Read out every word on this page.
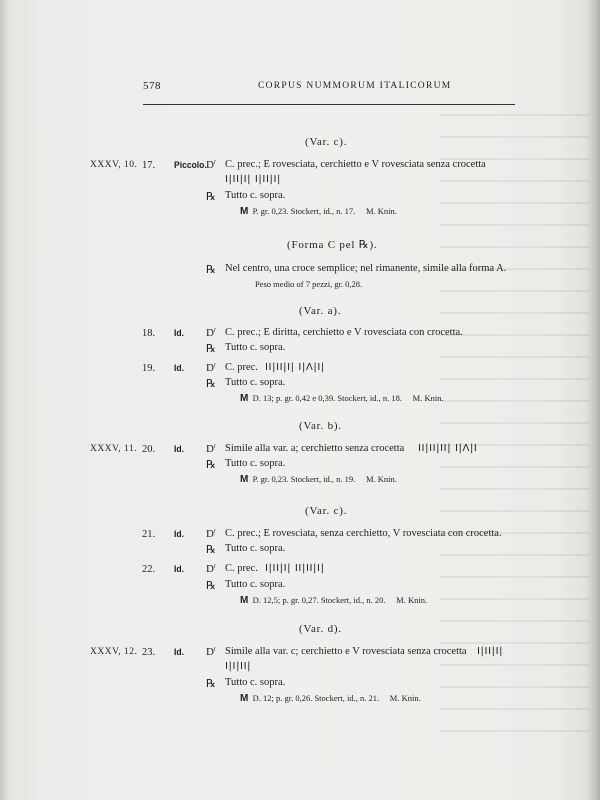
578	CORPUS NUMMORUM ITALICORUM
(Var. c).
XXXV, 10. 17. Piccolo. $D^r$ C. prec.; E rovesciata, cerchietto e V rovesciata senza crocetta
I|II|I| I|II|I|
℞ Tutto c. sopra.
M P. gr. 0,23. Stockert, id., n. 17. M. Knin.
(Forma C pel ℞).
℞ Nel centro, una croce semplice; nel rimanente, simile alla forma A.
Peso medio of 7 pezzi, gr. 0,28.
(Var. a).
18. Id. $D^r$ C. prec.; E diritta, cerchietto e V rovesciata con crocetta.
℞ Tutto c. sopra.
19. Id. $D^r$ C. prec. II|II|I| I|Λ|I|
℞ Tutto c. sopra.
M D. 13; p. gr. 0,42 e 0,39. Stockert, id., n. 18. M. Knin.
(Var. b).
XXXV, 11. 20. Id. $D^r$ Simile alla var. a; cerchietto senza crocetta II|II|II| I|Λ|I
℞ Tutto c. sopra.
M P. gr. 0,23. Stockert, id., n. 19. M. Knin.
(Var. c).
21. Id. $D^r$ C. prec.; E rovesciata, senza cerchietto, V rovesciata con crocetta.
℞ Tutto c. sopra.
22. Id. $D^r$ C. prec. I|II|I| II|II|I|
℞ Tutto c. sopra.
M D. 12,5; p. gr. 0,27. Stockert, id., n. 20. M. Knin.
(Var. d).
XXXV, 12. 23. Id. $D^r$ Simile alla var. c; cerchietto e V rovesciata senza crocetta I|II|I|
I|I|II|
℞ Tutto c. sopra.
M D. 12; p. gr. 0,26. Stockert, id., n. 21. M. Knin.
